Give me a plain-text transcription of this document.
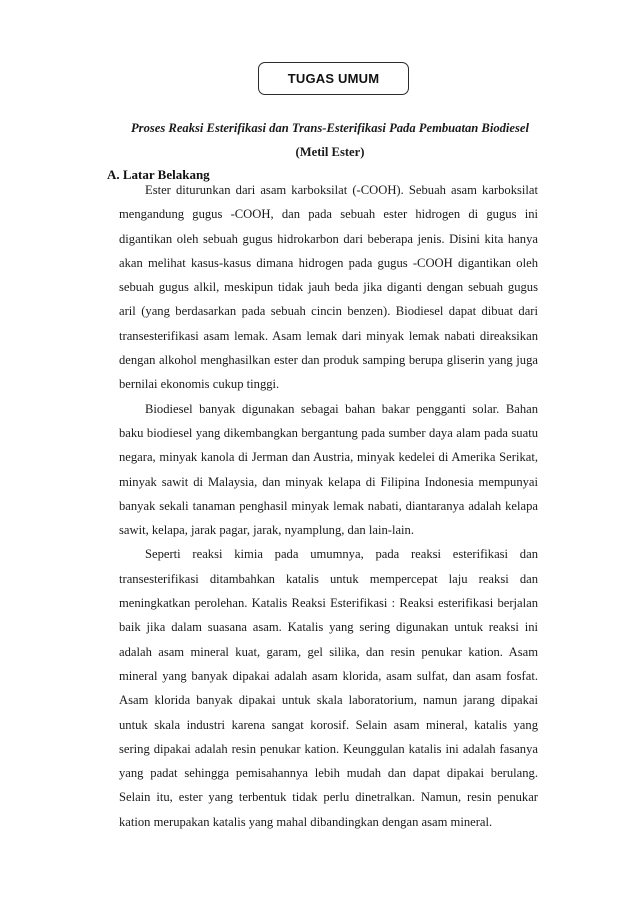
TUGAS UMUM
Proses Reaksi Esterifikasi dan Trans-Esterifikasi Pada Pembuatan Biodiesel
(Metil Ester)
A. Latar Belakang

Ester diturunkan dari asam karboksilat (-COOH). Sebuah asam karboksilat mengandung gugus -COOH, dan pada sebuah ester hidrogen di gugus ini digantikan oleh sebuah gugus hidrokarbon dari beberapa jenis. Disini kita hanya akan melihat kasus-kasus dimana hidrogen pada gugus -COOH digantikan oleh sebuah gugus alkil, meskipun tidak jauh beda jika diganti dengan sebuah gugus aril (yang berdasarkan pada sebuah cincin benzen). Biodiesel dapat dibuat dari transesterifikasi asam lemak. Asam lemak dari minyak lemak nabati direaksikan dengan alkohol menghasilkan ester dan produk samping berupa gliserin yang juga bernilai ekonomis cukup tinggi.

Biodiesel banyak digunakan sebagai bahan bakar pengganti solar. Bahan baku biodiesel yang dikembangkan bergantung pada sumber daya alam pada suatu negara, minyak kanola di Jerman dan Austria, minyak kedelei di Amerika Serikat, minyak sawit di Malaysia, dan minyak kelapa di Filipina Indonesia mempunyai banyak sekali tanaman penghasil minyak lemak nabati, diantaranya adalah kelapa sawit, kelapa, jarak pagar, jarak, nyamplung, dan lain-lain.

Seperti reaksi kimia pada umumnya, pada reaksi esterifikasi dan transesterifikasi ditambahkan katalis untuk mempercepat laju reaksi dan meningkatkan perolehan. Katalis Reaksi Esterifikasi : Reaksi esterifikasi berjalan baik jika dalam suasana asam. Katalis yang sering digunakan untuk reaksi ini adalah asam mineral kuat, garam, gel silika, dan resin penukar kation. Asam mineral yang banyak dipakai adalah asam klorida, asam sulfat, dan asam fosfat. Asam klorida banyak dipakai untuk skala laboratorium, namun jarang dipakai untuk skala industri karena sangat korosif. Selain asam mineral, katalis yang sering dipakai adalah resin penukar kation. Keunggulan katalis ini adalah fasanya yang padat sehingga pemisahannya lebih mudah dan dapat dipakai berulang. Selain itu, ester yang terbentuk tidak perlu dinetralkan. Namun, resin penukar kation merupakan katalis yang mahal dibandingkan dengan asam mineral.
